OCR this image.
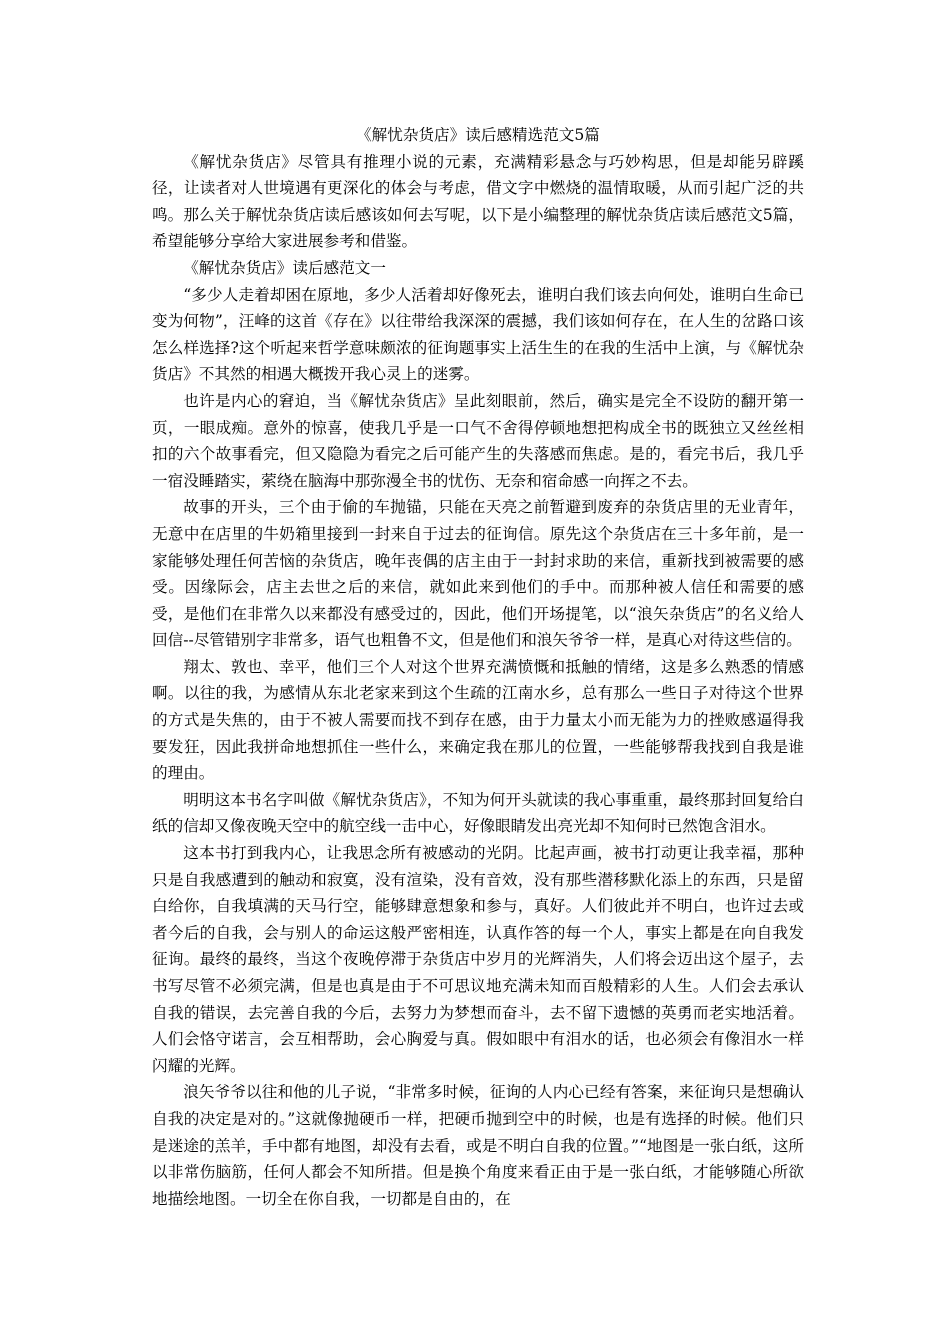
《解忧杂货店》读后感精选范文5篇

《解忧杂货店》尽管具有推理小说的元素，充满精彩悬念与巧妙构思，但是却能另辟蹊径，让读者对人世境遇有更深化的体会与考虑，借文字中燃烧的温情取暖，从而引起广泛的共鸣。那么关于解忧杂货店读后感该如何去写呢，以下是小编整理的解忧杂货店读后感范文5篇，希望能够分享给大家进展参考和借鉴。

《解忧杂货店》读后感范文一

“多少人走着却困在原地，多少人活着却好像死去，谁明白我们该去向何处，谁明白生命已变为何物”，汪峰的这首《存在》以往带给我深深的震撼，我们该如何存在，在人生的岔路口该怎么样选择?这个听起来哲学意味颇浓的征询题事实上活生生的在我的生活中上演，与《解忧杂货店》不其然的相遇大概拨开我心灵上的迷雾。

也许是内心的窘迫，当《解忧杂货店》呈此刻眼前，然后，确实是完全不设防的翻开第一页，一眼成痴。意外的惊喜，使我几乎是一口气不舍得停顿地想把构成全书的既独立又丝丝相扣的六个故事看完，但又隐隐为看完之后可能产生的失落感而焦虑。是的，看完书后，我几乎一宿没睡踏实，萦绕在脑海中那弥漫全书的忧伤、无奈和宿命感一向挥之不去。

故事的开头，三个由于偷的车抛锚，只能在天亮之前暂避到废弃的杂货店里的无业青年，无意中在店里的牛奶箱里接到一封来自于过去的征询信。原先这个杂货店在三十多年前，是一家能够处理任何苦恼的杂货店，晚年丧偶的店主由于一封封求助的来信，重新找到被需要的感受。因缘际会，店主去世之后的来信，就如此来到他们的手中。而那种被人信任和需要的感受，是他们在非常久以来都没有感受过的，因此，他们开场提笔，以“浪矢杂货店”的名义给人回信--尽管错别字非常多，语气也粗鲁不文，但是他们和浪矢爷爷一样，是真心对待这些信的。

翔太、敦也、幸平，他们三个人对这个世界充满愤慨和抵触的情绪，这是多么熟悉的情感啊。以往的我，为感情从东北老家来到这个生疏的江南水乡，总有那么一些日子对待这个世界的方式是失焦的，由于不被人需要而找不到存在感，由于力量太小而无能为力的挫败感逼得我要发狂，因此我拼命地想抓住一些什么，来确定我在那儿的位置，一些能够帮我找到自我是谁的理由。

明明这本书名字叫做《解忧杂货店》，不知为何开头就读的我心事重重，最终那封回复给白纸的信却又像夜晚天空中的航空线一击中心，好像眼睛发出亮光却不知何时已然饱含泪水。

这本书打到我内心，让我思念所有被感动的光阴。比起声画，被书打动更让我幸福，那种只是自我感遭到的触动和寂寞，没有渲染，没有音效，没有那些潜移默化添上的东西，只是留白给你，自我填满的天马行空，能够肆意想象和参与，真好。人们彼此并不明白，也许过去或者今后的自我，会与别人的命运这般严密相连，认真作答的每一个人，事实上都是在向自我发征询。最终的最终，当这个夜晚停滞于杂货店中岁月的光辉消失，人们将会迈出这个屋子，去书写尽管不必须完满，但是也真是由于不可思议地充满未知而百般精彩的人生。人们会去承认自我的错误，去完善自我的今后，去努力为梦想而奋斗，去不留下遗憾的英勇而老实地活着。人们会恪守诺言，会互相帮助，会心胸爱与真。假如眼中有泪水的话，也必须会有像泪水一样闪耀的光辉。

浪矢爷爷以往和他的儿子说，“非常多时候，征询的人内心已经有答案，来征询只是想确认自我的决定是对的。”这就像抛硬币一样，把硬币抛到空中的时候，也是有选择的时候。他们只是迷途的羔羊，手中都有地图，却没有去看，或是不明白自我的位置。”“地图是一张白纸，这所以非常伤脑筋，任何人都会不知所措。但是换个角度来看正由于是一张白纸，才能够随心所欲地描绘地图。一切全在你自我，一切都是自由的，在
